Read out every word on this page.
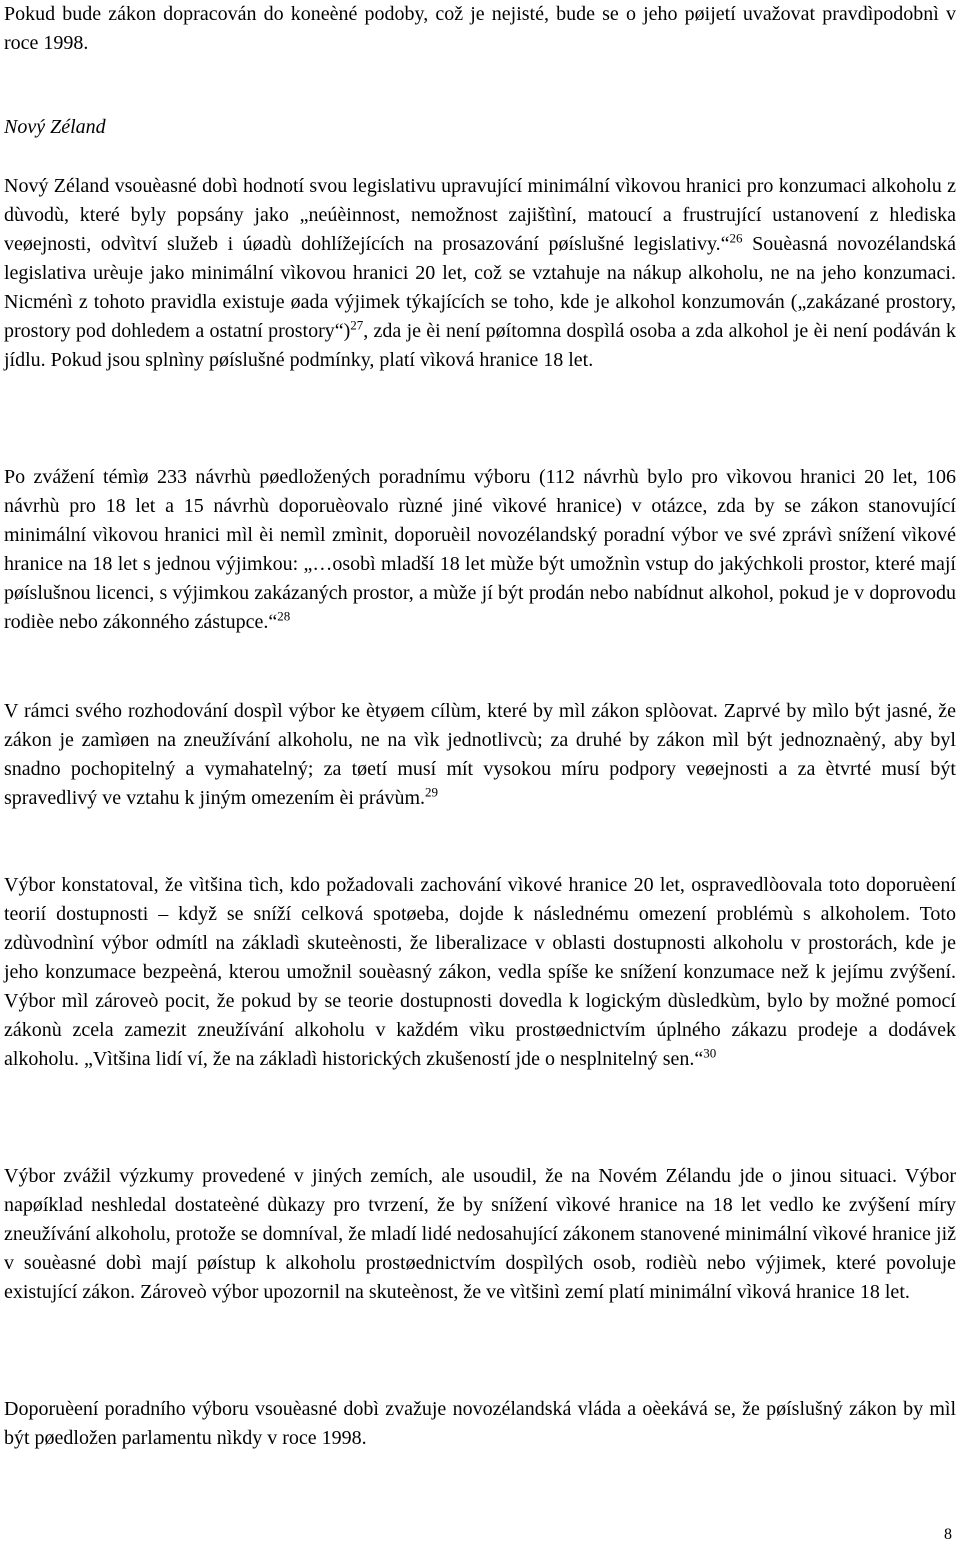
Pokud bude zákon dopracován do koneèné podoby, což je nejisté, bude se o jeho pøijetí uvažovat pravdìpodobnì v roce 1998.

Nový Zéland

Nový Zéland vsouèasné dobì hodnotí svou legislativu upravující minimální vìkovou hranici pro konzumaci alkoholu z dùvodù, které byly popsány jako „neúèinnost, nemožnost zajištìní, matoucí a frustrující ustanovení z hlediska veøejnosti, odvìtví služeb i úøadù dohlížejících na prosazování pøíslušné legislativy.“$^{26}$ Souèasná novozélandská legislativa urèuje jako minimální vìkovou hranici 20 let, což se vztahuje na nákup alkoholu, ne na jeho konzumaci. Nicménì z tohoto pravidla existuje øada výjimek týkajících se toho, kde je alkohol konzumován („zakázané prostory, prostory pod dohledem a ostatní prostory“)$^{27}$, zda je èi není pøítomna dospìlá osoba a zda alkohol je èi není podáván k jídlu. Pokud jsou splnìny pøíslušné podmínky, platí vìková hranice 18 let.

Po zvážení témìø 233 návrhù pøedložených poradnímu výboru (112 návrhù bylo pro vìkovou hranici 20 let, 106 návrhù pro 18 let a 15 návrhù doporuèovalo rùzné jiné vìkové hranice) v otázce, zda by se zákon stanovující minimální vìkovou hranici mìl èi nemìl zmìnit, doporuèil novozélandský poradní výbor ve své zprávì snížení vìkové hranice na 18 let s jednou výjimkou: „…osobì mladší 18 let mùže být umožnìn vstup do jakýchkoli prostor, které mají pøíslušnou licenci, s výjimkou zakázaných prostor, a mùže jí být prodán nebo nabídnut alkohol, pokud je v doprovodu rodièe nebo zákonného zástupce.“$^{28}$

V rámci svého rozhodování dospìl výbor ke ètyøem cílùm, které by mìl zákon splòovat. Zaprvé by mìlo být jasné, že zákon je zamìøen na zneužívání alkoholu, ne na vìk jednotlivcù; za druhé by zákon mìl být jednoznaèný, aby byl snadno pochopitelný a vymahatelný; za tøetí musí mít vysokou míru podpory veøejnosti a za ètvrté musí být spravedlivý ve vztahu k jiným omezením èi právùm.$^{29}$

Výbor konstatoval, že vìtšina tìch, kdo požadovali zachování vìkové hranice 20 let, ospravedlòovala toto doporuèení teorií dostupnosti – když se sníží celková spotøeba, dojde k následnému omezení problémù s alkoholem. Toto zdùvodnìní výbor odmítl na základì skuteènosti, že liberalizace v oblasti dostupnosti alkoholu v prostorách, kde je jeho konzumace bezpeèná, kterou umožnil souèasný zákon, vedla spíše ke snížení konzumace než k jejímu zvýšení. Výbor mìl zároveò pocit, že pokud by se teorie dostupnosti dovedla k logickým dùsledkùm, bylo by možné pomocí zákonù zcela zamezit zneužívání alkoholu v každém vìku prostøednictvím úplného zákazu prodeje a dodávek alkoholu. „Vìtšina lidí ví, že na základì historických zkušeností jde o nesplnitelný sen.“$^{30}$

Výbor zvážil výzkumy provedené v jiných zemích, ale usoudil, že na Novém Zélandu jde o jinou situaci. Výbor napøíklad neshledal dostateèné dùkazy pro tvrzení, že by snížení vìkové hranice na 18 let vedlo ke zvýšení míry zneužívání alkoholu, protože se domníval, že mladí lidé nedosahující zákonem stanovené minimální vìkové hranice již v souèasné dobì mají pøístup k alkoholu prostøednictvím dospìlých osob, rodièù nebo výjimek, které povoluje existující zákon. Zároveò výbor upozornil na skuteènost, že ve vìtšinì zemí platí minimální vìková hranice 18 let.

Doporuèení poradního výboru vsouèasné dobì zvažuje novozélandská vláda a oèekává se, že pøíslušný zákon by mìl být pøedložen parlamentu nìkdy v roce 1998.

8
